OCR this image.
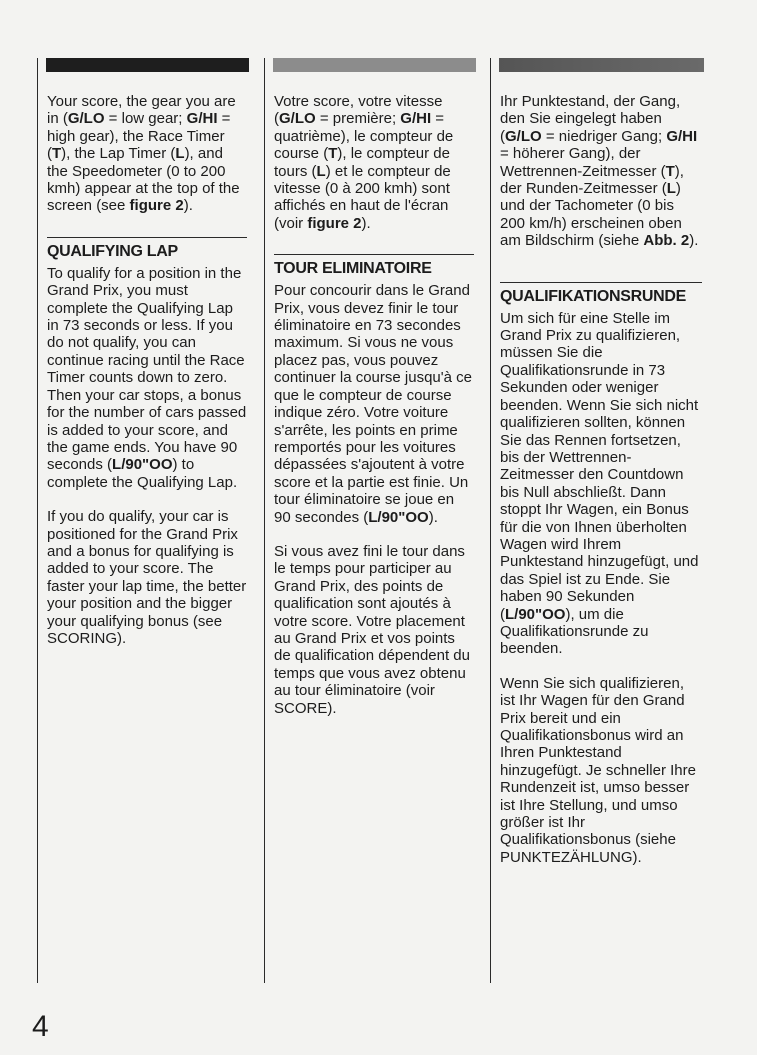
Your score, the gear you are in (G/LO = low gear; G/HI = high gear), the Race Timer (T), the Lap Timer (L), and the Speedometer (0 to 200 kmh) appear at the top of the screen (see figure 2).

QUALIFYING LAP

To qualify for a position in the Grand Prix, you must complete the Qualifying Lap in 73 seconds or less. If you do not qualify, you can continue racing until the Race Timer counts down to zero. Then your car stops, a bonus for the number of cars passed is added to your score, and the game ends. You have 90 seconds (L/90"OO) to complete the Qualifying Lap.

If you do qualify, your car is positioned for the Grand Prix and a bonus for qualifying is added to your score. The faster your lap time, the better your position and the bigger your qualifying bonus (see SCORING).

Votre score, votre vitesse (G/LO = première; G/HI = quatrième), le compteur de course (T), le compteur de tours (L) et le compteur de vitesse (0 à 200 kmh) sont affichés en haut de l'écran (voir figure 2).

TOUR ELIMINATOIRE

Pour concourir dans le Grand Prix, vous devez finir le tour éliminatoire en 73 secondes maximum. Si vous ne vous placez pas, vous pouvez continuer la course jusqu'à ce que le compteur de course indique zéro. Votre voiture s'arrête, les points en prime remportés pour les voitures dépassées s'ajoutent à votre score et la partie est finie. Un tour éliminatoire se joue en 90 secondes (L/90"OO).

Si vous avez fini le tour dans le temps pour participer au Grand Prix, des points de qualification sont ajoutés à votre score. Votre placement au Grand Prix et vos points de qualification dépendent du temps que vous avez obtenu au tour éliminatoire (voir SCORE).

Ihr Punktestand, der Gang, den Sie eingelegt haben (G/LO = niedriger Gang; G/HI = höherer Gang), der Wettrennen-Zeitmesser (T), der Runden-Zeitmesser (L) und der Tachometer (0 bis 200 km/h) erscheinen oben am Bildschirm (siehe Abb. 2).

QUALIFIKATIONSRUNDE

Um sich für eine Stelle im Grand Prix zu qualifizieren, müssen Sie die Qualifikationsrunde in 73 Sekunden oder weniger beenden. Wenn Sie sich nicht qualifizieren sollten, können Sie das Rennen fortsetzen, bis der Wettrennen-Zeitmesser den Countdown bis Null abschließt. Dann stoppt Ihr Wagen, ein Bonus für die von Ihnen überholten Wagen wird Ihrem Punktestand hinzugefügt, und das Spiel ist zu Ende. Sie haben 90 Sekunden (L/90"OO), um die Qualifikationsrunde zu beenden.

Wenn Sie sich qualifizieren, ist Ihr Wagen für den Grand Prix bereit und ein Qualifikationsbonus wird an Ihren Punktestand hinzugefügt. Je schneller Ihre Rundenzeit ist, umso besser ist Ihre Stellung, und umso größer ist Ihr Qualifikationsbonus (siehe PUNKTEZÄHLUNG).

4
